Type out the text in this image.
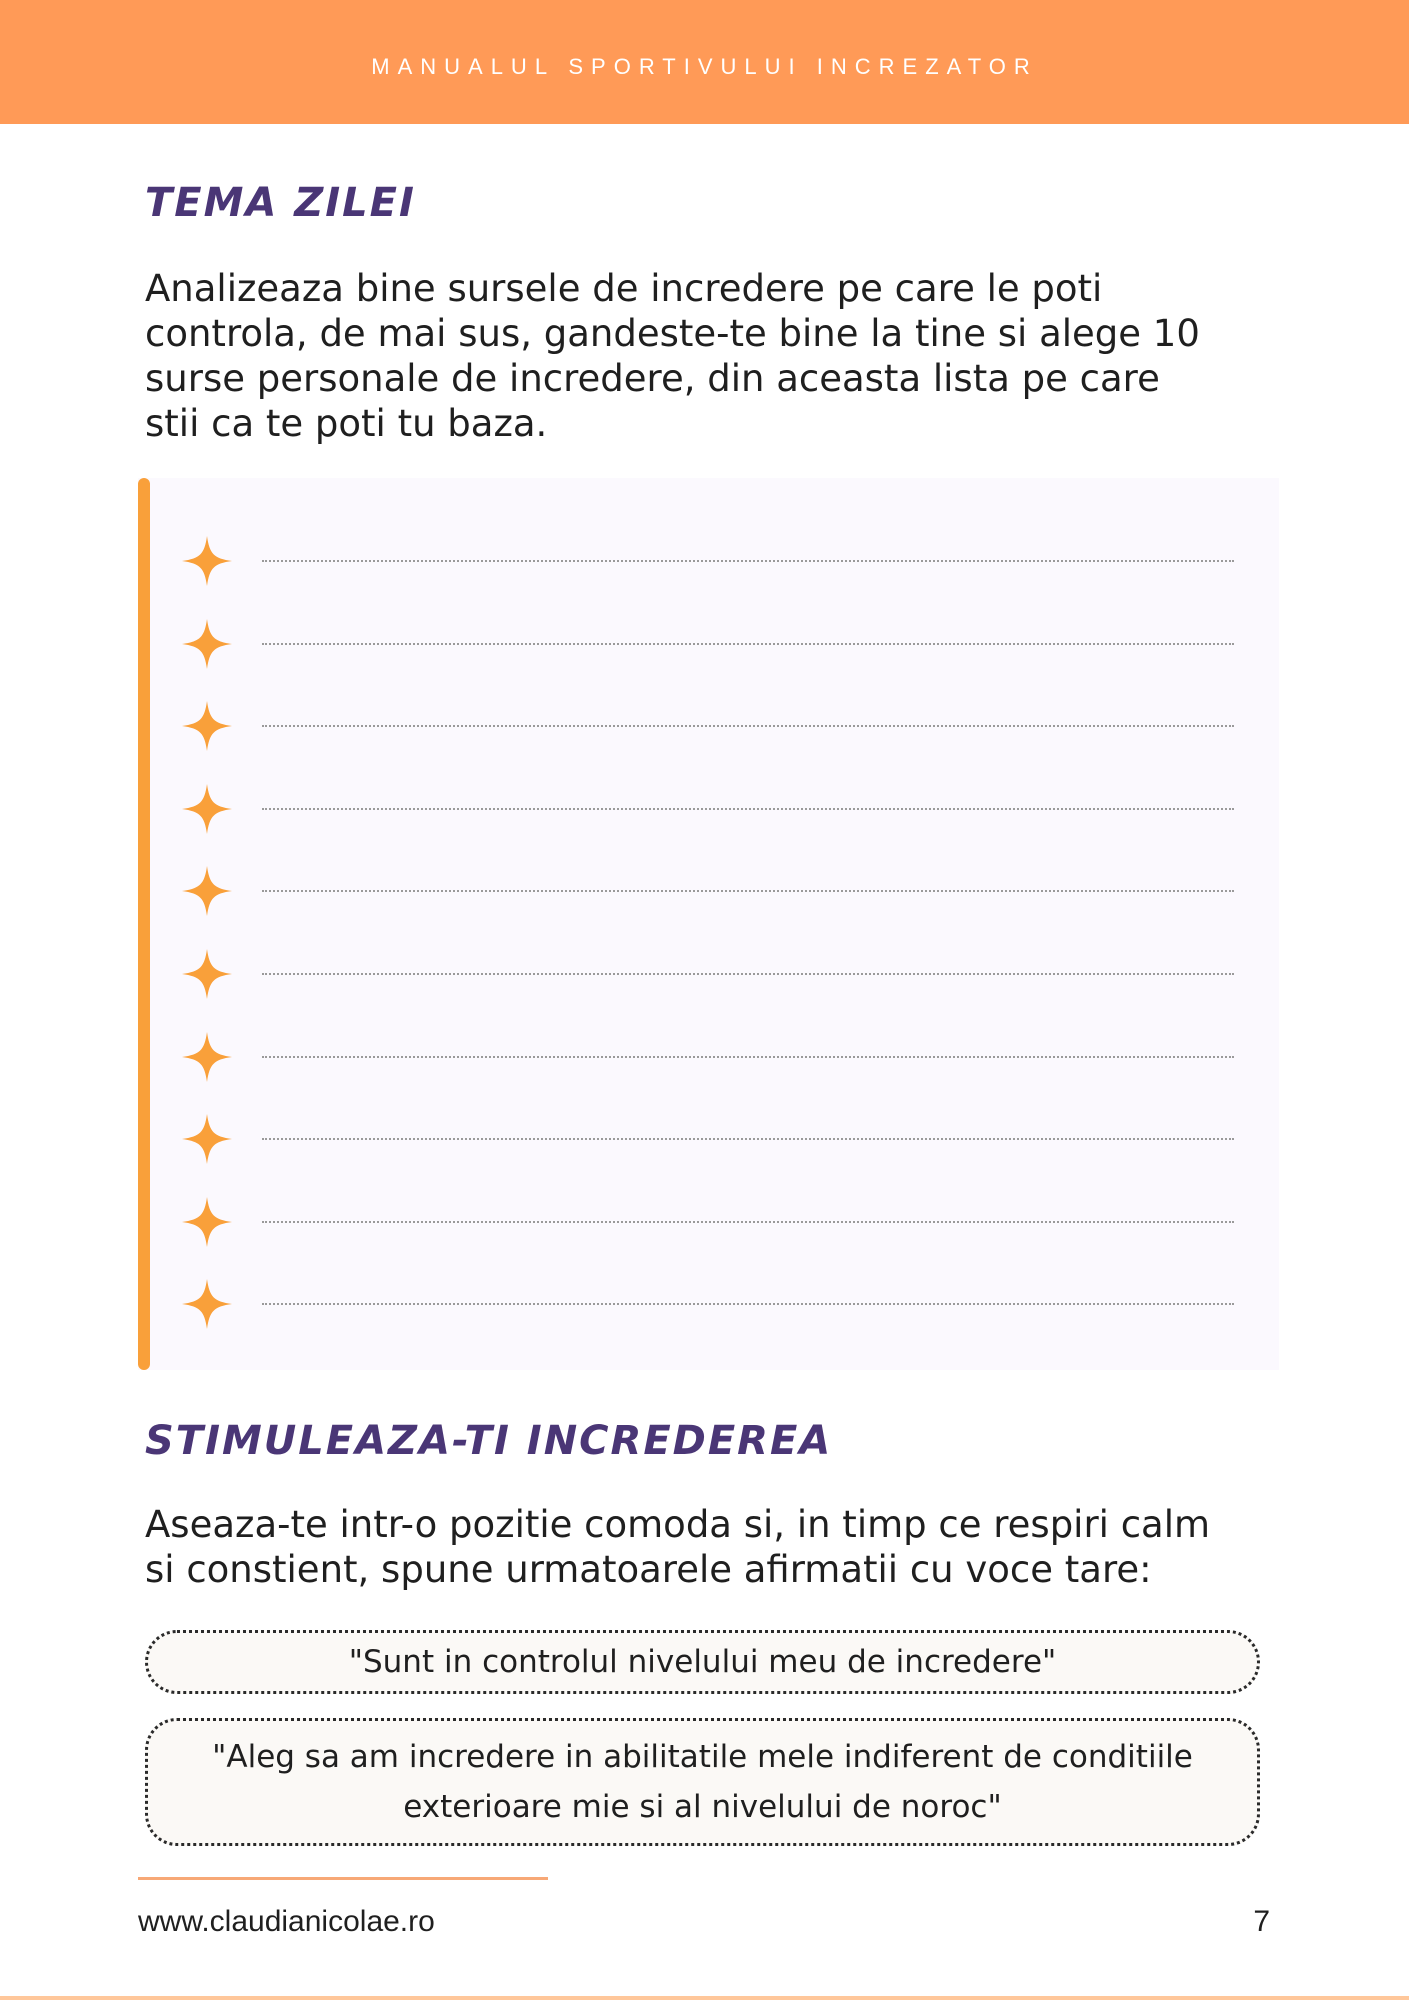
MANUALUL SPORTIVULUI INCREZATOR
TEMA ZILEI
Analizeaza bine sursele de incredere pe care le poti
controla, de mai sus, gandeste-te bine la tine si alege 10
surse personale de incredere, din aceasta lista pe care
stii ca te poti tu baza.
STIMULEAZA-TI INCREDEREA
Aseaza-te intr-o pozitie comoda si, in timp ce respiri calm
si constient, spune urmatoarele afirmatii cu voce tare:
"Sunt in controlul nivelului meu de incredere"
"Aleg sa am incredere in abilitatile mele indiferent de conditiile
exterioare mie si al nivelului de noroc"
www.claudianicolae.ro	7
